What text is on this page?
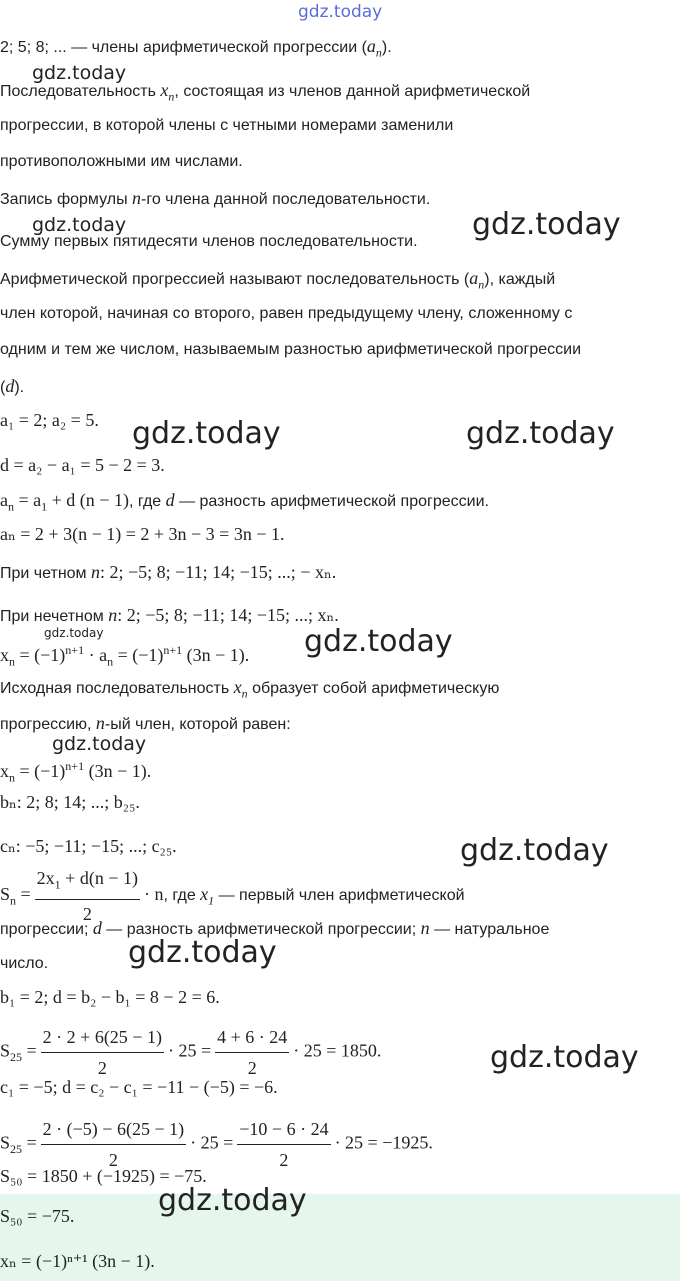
gdz.today
gdz.today
gdz.today	gdz.today
gdz.today	gdz.today
gdz.today	gdz.today
gdz.today
gdz.today
gdz.today
gdz.today
2; 5; 8; ... — члены арифметической прогрессии $(a_n)$.
Последовательность $x_n$, состоящая из членов данной арифметической
прогрессии, в которой члены с четными номерами заменили
противоположными им числами.
Запись формулы n-го члена данной последовательности.
Сумму первых пятидесяти членов последовательности.
Арифметической прогрессией называют последовательность $(a_n)$, каждый
член которой, начиная со второго, равен предыдущему члену, сложенному с
одним и тем же числом, называемым разностью арифметической прогрессии
(d).
a₁ = 2; a₂ = 5.
d = a₂ − a₁ = 5 − 2 = 3.
$a_n = a_1 + d$ (n − 1), где d — разность арифметической прогрессии.
aₙ = 2 + 3(n − 1) = 2 + 3n − 3 = 3n − 1.
При четном n: 2; −5; 8; −11; 14; −15; ...; − xₙ.
При нечетном n: 2; −5; 8; −11; 14; −15; ...; xₙ.
$x_n = (-1)^{n+1} \cdot a_n = (-1)^{n+1}$ (3n − 1).
Исходная последовательность $x_n$ образует собой арифметическую
прогрессию, n-ый член, которой равен:
$x_n = (-1)^{n+1}$ (3n − 1).
bₙ: 2; 8; 14; ...; b₂₅.
cₙ: −5; −11; −15; ...; c₂₅.
$S_n = \frac{2x_1 + d(n - 1)}{2} \cdot n$, где $x_1$ — первый член арифметической
прогрессии; d — разность арифметической прогрессии; n — натуральное
число.
b₁ = 2; d = b₂ − b₁ = 8 − 2 = 6.
$S_{25} = \frac{2 \cdot 2 + 6(25 - 1)}{2} \cdot 25 = \frac{4 + 6 \cdot 24}{2} \cdot 25 = 1850$.
c₁ = −5; d = c₂ − c₁ = −11 − (−5) = −6.
$S_{25} = \frac{2 \cdot (-5) - 6(25 - 1)}{2} \cdot 25 = \frac{-10 - 6 \cdot 24}{2} \cdot 25 = -1925$.
S₅₀ = 1850 + (−1925) = −75.
S₅₀ = −75.
xₙ = (−1)ⁿ⁺¹ (3n − 1).
gdz.today
